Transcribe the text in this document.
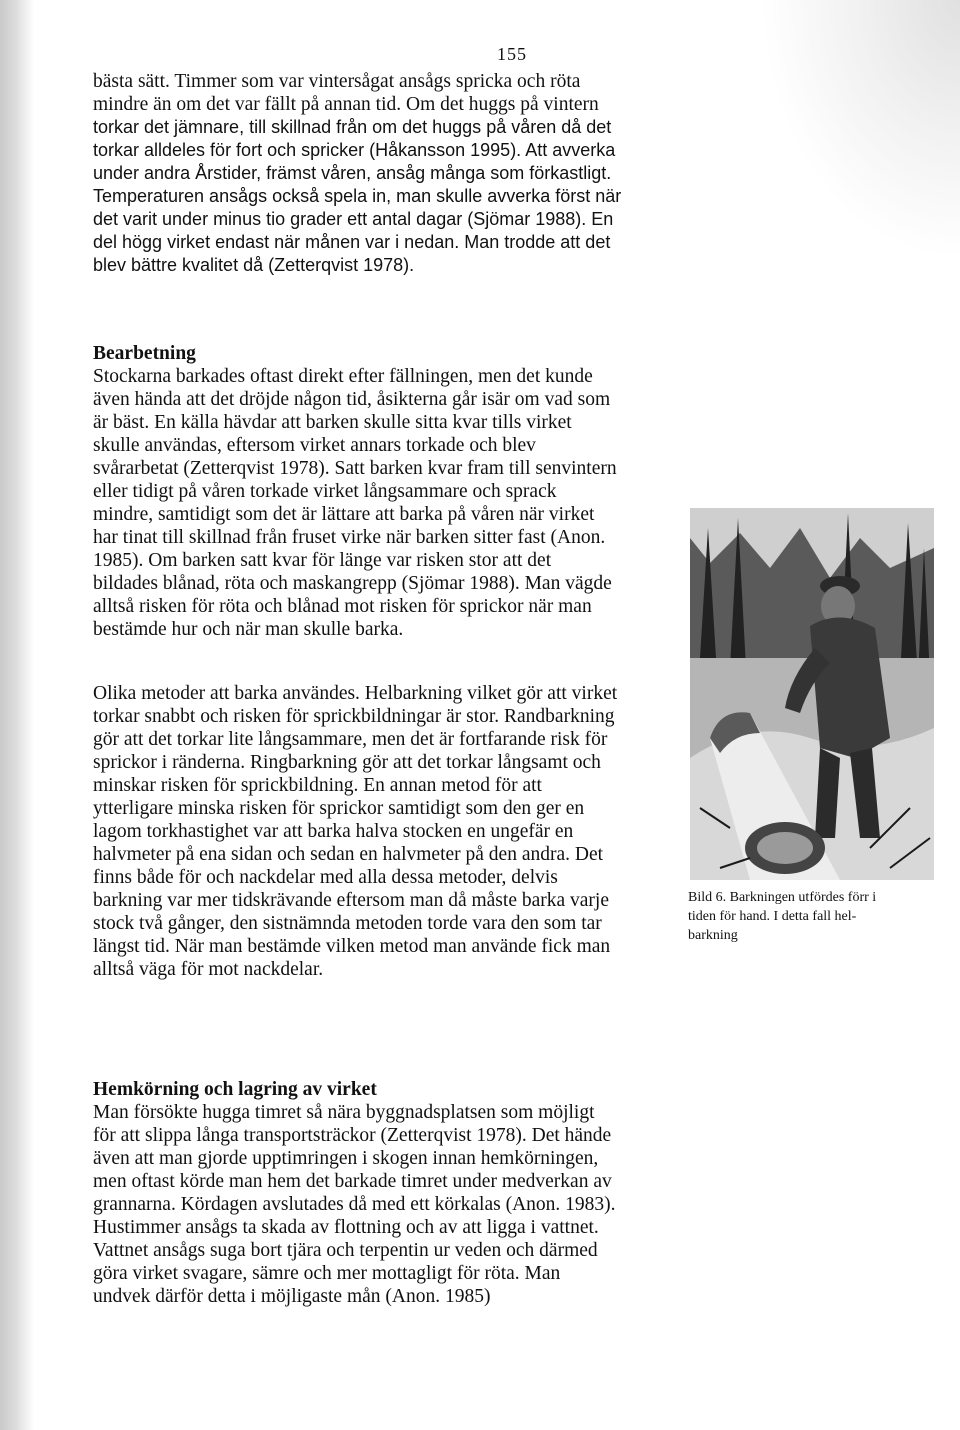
155
bästa sätt. Timmer som var vintersågat ansågs spricka och röta
mindre än om det var fällt på annan tid. Om det huggs på vintern
torkar det jämnare, till skillnad från om det huggs på våren då det
torkar alldeles för fort och spricker (Håkansson 1995). Att avverka
under andra Årstider, främst våren, ansåg många som förkastligt.
Temperaturen ansågs också spela in, man skulle avverka först när
det varit under minus tio grader ett antal dagar (Sjömar 1988). En
del högg virket endast när månen var i nedan. Man trodde att det
blev bättre kvalitet då (Zetterqvist 1978).
Bearbetning
Stockarna barkades oftast direkt efter fällningen, men det kunde
även hända att det dröjde någon tid, åsikterna går isär om vad som
är bäst. En källa hävdar att barken skulle sitta kvar tills virket
skulle användas, eftersom virket annars torkade och blev
svårarbetat (Zetterqvist 1978). Satt barken kvar fram till senvintern
eller tidigt på våren torkade virket långsammare och sprack
mindre, samtidigt som det är lättare att barka på våren när virket
har tinat till skillnad från fruset virke när barken sitter fast (Anon.
1985). Om barken satt kvar för länge var risken stor att det
bildades blånad, röta och maskangrepp (Sjömar 1988). Man vägde
alltså risken för röta och blånad mot risken för sprickor när man
bestämde hur och när man skulle barka.
Olika metoder att barka användes. Helbarkning vilket gör att virket
torkar snabbt och risken för sprickbildningar är stor. Randbarkning
gör att det torkar lite långsammare, men det är fortfarande risk för
sprickor i ränderna. Ringbarkning gör att det torkar långsamt och
minskar risken för sprickbildning. En annan metod för att
ytterligare minska risken för sprickor samtidigt som den ger en
lagom torkhastighet var att barka halva stocken en ungefär en
halvmeter på ena sidan och sedan en halvmeter på den andra. Det
finns både för och nackdelar med alla dessa metoder, delvis
barkning var mer tidskrävande eftersom man då måste barka varje
stock två gånger, den sistnämnda metoden torde vara den som tar
längst tid. När man bestämde vilken metod man använde fick man
alltså väga för mot nackdelar.
Bild 6. Barkningen utfördes förr i
tiden för hand. I detta fall hel-
barkning
Hemkörning och lagring av virket
Man försökte hugga timret så nära byggnadsplatsen som möjligt
för att slippa långa transportsträckor (Zetterqvist 1978). Det hände
även att man gjorde upptimringen i skogen innan hemkörningen,
men oftast körde man hem det barkade timret under medverkan av
grannarna. Kördagen avslutades då med ett körkalas (Anon. 1983).
Hustimmer ansågs ta skada av flottning och av att ligga i vattnet.
Vattnet ansågs suga bort tjära och terpentin ur veden och därmed
göra virket svagare, sämre och mer mottagligt för röta. Man
undvek därför detta i möjligaste mån (Anon. 1985)
